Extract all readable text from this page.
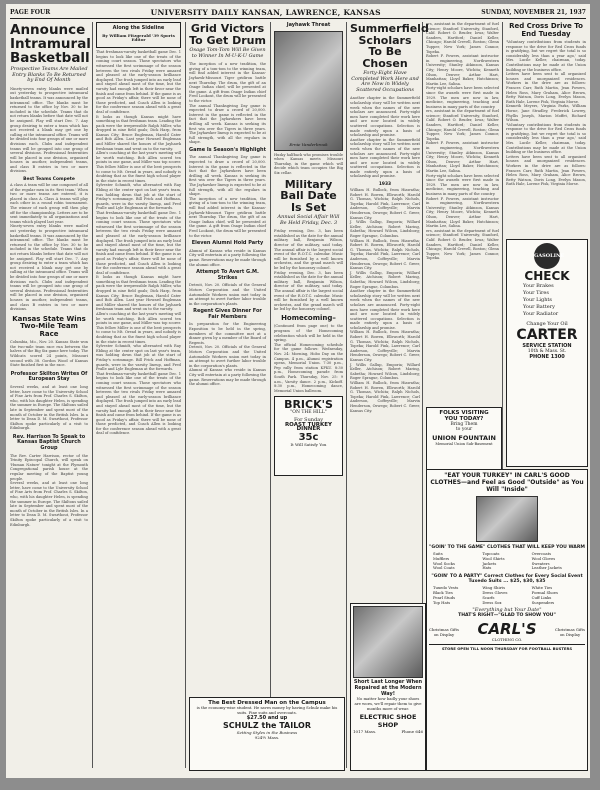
PAGE FOUR	UNIVERSITY DAILY KANSAN, LAWRENCE, KANSAS	SUNDAY, NOVEMBER 21, 1937
Announce Intramural Basketball
Prospective Teams Are Mailed Entry Blanks To Be Returned by End Of Month
Ninety-seven entry blanks were mailed out yesterday to prospective intramural basketball teams. It was announced by the intramural office. The blanks must be returned to the office by Nov. 30 to be included in the schedule. Teams that do not return blanks before that date will not be assigned. Play will start Dec. 7. Any group desiring to enter a team which has not received a blank may get one by calling at the intramural office. Teams will be divided into four groups of one or more divisions each. Clubs and independent teams will be grouped into one group of several divisions. Professional fraternities will be placed in one division, organized houses in another, independent teams, and class B entries in two or more divisions.
Best Teams Compete
A class A team will be one composed of all of the regular men in its 'first team.' When two or more teams are entered, it is placed in class A. Class A teams will play each other in a round robin tournament. The winner of each group will then play off for the championship. Letters are to be sent immediately to all organizations and teams which played last year.
Ninety-seven entry blanks were mailed out yesterday to prospective intramural basketball teams. It was announced by the intramural office. The blanks must be returned to the office by Nov. 30 to be included in the schedule. Teams that do not return blanks before that date will not be assigned. Play will start Dec. 7. Any group desiring to enter a team which has not received a blank may get one by calling at the intramural office. Teams will be divided into four groups of one or more divisions each. Clubs and independent teams will be grouped into one group of several divisions. Professional fraternities will be placed in one division, organized houses in another, independent teams, and class B entries in two or more divisions.
Kansas State Wins Two-Mile Team Race
Columbia, Mo., Nov. 20. Kansas State won the two-mile team race run between the halves of the Big Six game here today. The Wildcats scored 24 points, Missouri second with 38. Gordon Wood of Kansas State finished first in the race.
Professor Skilton Writes Of European Stay
Several weeks, and at least one long letter, have come to the University School of Fine Arts from Prof. Charles S. Skilton, who, with his daughter Helen, is spending the summer in Europe. The Skiltons sailed late in September and spent most of the month of October in the British Isles. In a letter to Dean D. M. Swarthout, Professor Skilton spoke particularly of a visit to Edinburgh.
Rev. Harrison To Speak to Kansas Baptist Church Group
The Rev. Carter Harrison, rector of the Trinity Episcopal Church, will speak on 'Human Nature' tonight at the Plymouth Congregational parish house at the regular meeting of the Baptist young people.
Several weeks, and at least one long letter, have come to the University School of Fine Arts from Prof. Charles S. Skilton, who, with his daughter Helen, is spending the summer in Europe. The Skiltons sailed late in September and spent most of the month of October in the British Isles. In a letter to Dean D. M. Swarthout, Professor Skilton spoke particularly of a visit to Edinburgh.
Along the Sideline
By William Fitzgerald '39 Sports Editor
That freshman-varsity basketball game Dec. 1 begins to look like one of the treats of the coming court season. Those spectators who witnessed the first scrimmage of the season between the two rivals Friday were amazed and pleased at the early-season brilliance displayed. The frosh jumped into an early lead and stayed ahead most of the time, but the varsity had enough left in their favor near the finish and came from behind. If the game is as good as Friday's affair, there will be none of those predicted, and Coach Allen is looking for the conference season ahead with a great deal of confidence.
It looks as though Kansas might have something in that freshman team. Leading the pack were the irrepressible Ralph Miller, who dropped in nine field goals; Dick Harp, from Kansas City; Bruce Engleman, Harold Cater and Bob Allen. Last year Howard Engleman and Miller shared the honors of the Jayhawk freshman team and went on to the varsity.
Allen's coaching at the last year's meeting will be worth watching. Bob Allen scored ten points in one game, and Miller was top scorer. This fellow Miller is one of the best prospects to come to Mt. Oread in years, and nobody is doubting that as the finest high school player in the state in recent times.
Sylvester Schmidt, who alternated with Ray Ebling at the center spot on last year's team, was holding down that job at the start of Friday's scrimmage. Bill Frick and Hoffman, guards, were in the varsity lineup, and Fred Pralle and Lyle Engleman at the forwards.
That freshman-varsity basketball game Dec. 1 begins to look like one of the treats of the coming court season. Those spectators who witnessed the first scrimmage of the season between the two rivals Friday were amazed and pleased at the early-season brilliance displayed. The frosh jumped into an early lead and stayed ahead most of the time, but the varsity had enough left in their favor near the finish and came from behind. If the game is as good as Friday's affair, there will be none of those predicted, and Coach Allen is looking for the conference season ahead with a great deal of confidence.
It looks as though Kansas might have something in that freshman team. Leading the pack were the irrepressible Ralph Miller, who dropped in nine field goals; Dick Harp, from Kansas City; Bruce Engleman, Harold Cater and Bob Allen. Last year Howard Engleman and Miller shared the honors of the Jayhawk freshman team and went on to the varsity.
Allen's coaching at the last year's meeting will be worth watching. Bob Allen scored ten points in one game, and Miller was top scorer. This fellow Miller is one of the best prospects to come to Mt. Oread in years, and nobody is doubting that as the finest high school player in the state in recent times.
Sylvester Schmidt, who alternated with Ray Ebling at the center spot on last year's team, was holding down that job at the start of Friday's scrimmage. Bill Frick and Hoffman, guards, were in the varsity lineup, and Fred Pralle and Lyle Engleman at the forwards.
That freshman-varsity basketball game Dec. 1 begins to look like one of the treats of the coming court season. Those spectators who witnessed the first scrimmage of the season between the two rivals Friday were amazed and pleased at the early-season brilliance displayed. The frosh jumped into an early lead and stayed ahead most of the time, but the varsity had enough left in their favor near the finish and came from behind. If the game is as good as Friday's affair, there will be none of those predicted, and Coach Allen is looking for the conference season ahead with a great deal of confidence.
Grid Victors To Get Drum
Osage Tom-Tom Will Be Given to Winner In M-U-K-U Game
The inception of a new tradition, the giving of a tom-tom to the winning team, will find added interest in the Kansas-Jayhawk-Missouri Tiger gridiron battle next Thursday. The drum, the gift of an Osage Indian chief, will be presented at the game. A gift from Osage Indian chief Fred Lookout, the drum will be presented to the victor.
The annual Thanksgiving Day game is expected to draw a crowd of 20,000. Interest in the game is reflected in the fact that the Jayhawkers have been drilling all week. Kansas is seeking its first win over the Tigers in three years. The Jayhawker lineup is expected to be at full strength, with all the regulars in shape.
Game Is Season's Highlight
The annual Thanksgiving Day game is expected to draw a crowd of 20,000. Interest in the game is reflected in the fact that the Jayhawkers have been drilling all week. Kansas is seeking its first win over the Tigers in three years. The Jayhawker lineup is expected to be at full strength, with all the regulars in shape.
The inception of a new tradition, the giving of a tom-tom to the winning team, will find added interest in the Kansas-Jayhawk-Missouri Tiger gridiron battle next Thursday. The drum, the gift of an Osage Indian chief, will be presented at the game. A gift from Osage Indian chief Fred Lookout, the drum will be presented to the victor.
Eleven Alumni Hold Party
Alumni of Kansas who reside in Kansas City will entertain at a party following the game. Reservations may be made through the alumni office.
Attempt To Avert G.M. Strikes
Detroit, Nov. 20. Officials of the General Motors Corporation and the United Automobile Workers union met today in an attempt to avert further labor trouble in the corporation's plants.
Regent Gives Dinner For Fair Members
In preparation for the Engineering Exposition to be held in the spring, members of the committee met at a dinner given by a member of the Board of Regents.
Detroit, Nov. 20. Officials of the General Motors Corporation and the United Automobile Workers union met today in an attempt to avert further labor trouble in the corporation's plants.
Alumni of Kansas who reside in Kansas City will entertain at a party following the game. Reservations may be made through the alumni office.
Jayhawk Threat
Ernie Vanderbrook
Husky halfback who promises trouble when Kansas meets Missouri Thursday, in the game which will decide which team occupies the Big Six cellar.
Military Ball Date Is Set
Annual Social Affair Will Be Held Friday, Dec. 3
Friday evening, Dec. 3, has been established as the date for the annual military ball, Benjamin Wilson, director of the military, said today. The annual affair is the largest social event of the R.O.T.C. calendar. Music will be furnished by a well known orchestra, and the grand march will be led by the honorary colonel.
Friday evening, Dec. 3, has been established as the date for the annual military ball, Benjamin Wilson, director of the military, said today. The annual affair is the largest social event of the R.O.T.C. calendar. Music will be furnished by a well known orchestra, and the grand march will be led by the honorary colonel.
Homecoming–
(Continued from page one) to the program of the Homecoming celebration which will be held in the spring.
The official Homecoming schedule for the game follows: Wednesday, Nov. 24: Morning, Hobo Day on the Campus. 4 p.m., Alumni registration opens, Memorial Union. 7:30 p.m., Pep rally from station KFKU. 8:30 p.m., Homecoming parade from South Park. Thursday, Nov. 25: 9 a.m., Varsity dance. 2 p.m., Kickoff. 8:30 p.m., Homecoming dance, Memorial Union ballroom.
BRICK'S
"ON THE HILL"
For Sunday
ROAST TURKEY
DINNER
35c
It Will Satisfy You
The Best Dressed Man on the Campus
is the economy-wise student. He saves money by having Schulz make his suits. Fine suits and overcoats.
$27.50 and up
SCHULZ the TAILOR
Setting Styles in the Business
924½ Mass.
Summerfield Scholars To Be Chosen
Forty-Eight Have Completed Work Here and Are Now in Widely Scattered Occupations
Another chapter in the Summerfield scholarship story will be written next week when the names of the new scholars are announced. Forty-eight men have completed their work here and are now located in widely scattered occupations. Selection is made entirely upon a basis of scholarship and promise.
Another chapter in the Summerfield scholarship story will be written next week when the names of the new scholars are announced. Forty-eight men have completed their work here and are now located in widely scattered occupations. Selection is made entirely upon a basis of scholarship and promise.
1933
William H. Bullock, from Hiawatha; Robert H. Bowen, Ellsworth; Harold G. Thomas, Wichita; Ralph Nichols, Topeka; Harold Fink, Lawrence; Carl Anderson, Coffeyville; Marvin Henderson, Oswego; Robert C. Greer, Kansas City.
J. Willis Gallup, Emporia; Willard Keller, Atchison; Robert Maring, Sabetha; Howard Wilcox, Lindsborg; Roger Sprague, Columbus.
William H. Bullock, from Hiawatha; Robert H. Bowen, Ellsworth; Harold G. Thomas, Wichita; Ralph Nichols, Topeka; Harold Fink, Lawrence; Carl Anderson, Coffeyville; Marvin Henderson, Oswego; Robert C. Greer, Kansas City.
J. Willis Gallup, Emporia; Willard Keller, Atchison; Robert Maring, Sabetha; Howard Wilcox, Lindsborg; Roger Sprague, Columbus.
Another chapter in the Summerfield scholarship story will be written next week when the names of the new scholars are announced. Forty-eight men have completed their work here and are now located in widely scattered occupations. Selection is made entirely upon a basis of scholarship and promise.
William H. Bullock, from Hiawatha; Robert H. Bowen, Ellsworth; Harold G. Thomas, Wichita; Ralph Nichols, Topeka; Harold Fink, Lawrence; Carl Anderson, Coffeyville; Marvin Henderson, Oswego; Robert C. Greer, Kansas City.
J. Willis Gallup, Emporia; Willard Keller, Atchison; Robert Maring, Sabetha; Howard Wilcox, Lindsborg; Roger Sprague, Columbus.
William H. Bullock, from Hiawatha; Robert H. Bowen, Ellsworth; Harold G. Thomas, Wichita; Ralph Nichols, Topeka; Harold Fink, Lawrence; Carl Anderson, Coffeyville; Marvin Henderson, Oswego; Robert C. Greer, Kansas City.
ers, assistant in the department of fuel science; Stanford University, Stanford, Calif. Robert O. Bruder, Iowa; Walter Sanders, Hartford; Daniel Keller, Chicago; Harold Crevell, Boston; Glenn Tupper, New York; James Connor, Topeka.
Robert F. Powers, assistant instructor in engineering, Northwestern University; Stanley Atkinson, Kansas City; Henry Moore, Wichita; Kenneth Olson, Denver; Arthur Hart, Manhattan; Lloyd Baker, Hutchinson; Martin Lee, Salina.
Forty-eight scholars have been selected since the awards were first made in 1929. The men are now in law, medicine, engineering, teaching and business in many parts of the country.
ers, assistant in the department of fuel science; Stanford University, Stanford, Calif. Robert O. Bruder, Iowa; Walter Sanders, Hartford; Daniel Keller, Chicago; Harold Crevell, Boston; Glenn Tupper, New York; James Connor, Topeka.
Robert F. Powers, assistant instructor in engineering, Northwestern University; Stanley Atkinson, Kansas City; Henry Moore, Wichita; Kenneth Olson, Denver; Arthur Hart, Manhattan; Lloyd Baker, Hutchinson; Martin Lee, Salina.
Forty-eight scholars have been selected since the awards were first made in 1929. The men are now in law, medicine, engineering, teaching and business in many parts of the country.
Robert F. Powers, assistant instructor in engineering, Northwestern University; Stanley Atkinson, Kansas City; Henry Moore, Wichita; Kenneth Olson, Denver; Arthur Hart, Manhattan; Lloyd Baker, Hutchinson; Martin Lee, Salina.
ers, assistant in the department of fuel science; Stanford University, Stanford, Calif. Robert O. Bruder, Iowa; Walter Sanders, Hartford; Daniel Keller, Chicago; Harold Crevell, Boston; Glenn Tupper, New York; James Connor, Topeka.
FOLKS VISITING
YOU TODAY?
Bring Them
to your
UNION FOUNTAIN
Memorial Union Sub-Basement
Red Cross Drive To End Tuesday
'Voluntary contributions from students in response to the drive for Red Cross funds is gratifying, but we regret the total is so considerably less than a year ago,' said Mrs. Lucile Keller, chairman, today. Contributions may be made at the Union building or the business office.
Letters have been sent to all organized houses and unorganized residences. Workers in the drive are as follows: Frances Carr, Ruth Martin, Jean Powers, Helen Ross, Mary Graham, Alice Brown, Betty Watson, Doris Long, Evelyn Mason, Ruth Hale, Lorene Fisk, Virginia Morse.
Kenneth Meyers, Virginia Parks, William Horne, Jane Stradley, Frederick Lowrey, Phyllis Joseph, Marion Moffet, Richard Wilson.
'Voluntary contributions from students in response to the drive for Red Cross funds is gratifying, but we regret the total is so considerably less than a year ago,' said Mrs. Lucile Keller, chairman, today. Contributions may be made at the Union building or the business office.
Letters have been sent to all organized houses and unorganized residences. Workers in the drive are as follows: Frances Carr, Ruth Martin, Jean Powers, Helen Ross, Mary Graham, Alice Brown, Betty Watson, Doris Long, Evelyn Mason, Ruth Hale, Lorene Fisk, Virginia Morse.
GASOLINE
CHECK
Your Brakes
Your Tires
Your Lights
Your Battery
Your Radiator
Change Your Oil
CARTER
SERVICE STATION
10th & Mass. St.
PHONE 1300
Short Last Longer When Repaired at the Modern Way!
No matter how badly your shoes are worn, we'll repair them to give months more of wear.
ELECTRIC SHOE SHOP
1017 Mass.	Phone 646
"EAT YOUR TURKEY" IN CARL'S GOOD CLOTHES—and Feel as Good "Outside" as You Will "Inside"
"GOIN' TO THE GAME" CLOTHES THAT WILL KEEP YOU WARM
Suits	Topcoats	Overcoats
Mufflers	Wool Shirts	Wool Gloves
Wool Socks	Jackets	Sweaters
Wool Coats	Hats	Leather Jackets
"GOIN' TO A PARTY" Correct Clothes for Every Social Event
Tuxedo Suits ... $25, $30, $35
Tuxedo Vests	Wing Shirts	White Ties
Black Ties	Dress Gloves	Formal Shoes
Pearl Studs	Scarfs	Cuff Links
Top Hats	Dress Sox	Suspenders
"Everything but Your Date"
THAT'S RIGHT—"GLAD TO SHOW YOU"
Christmas Gifts on Display	CARL'S
CLOTHING CO.
Christmas Gifts on Display
STORE OPEN TILL NOON THURSDAY FOR FOOTBALL BUSTERS
